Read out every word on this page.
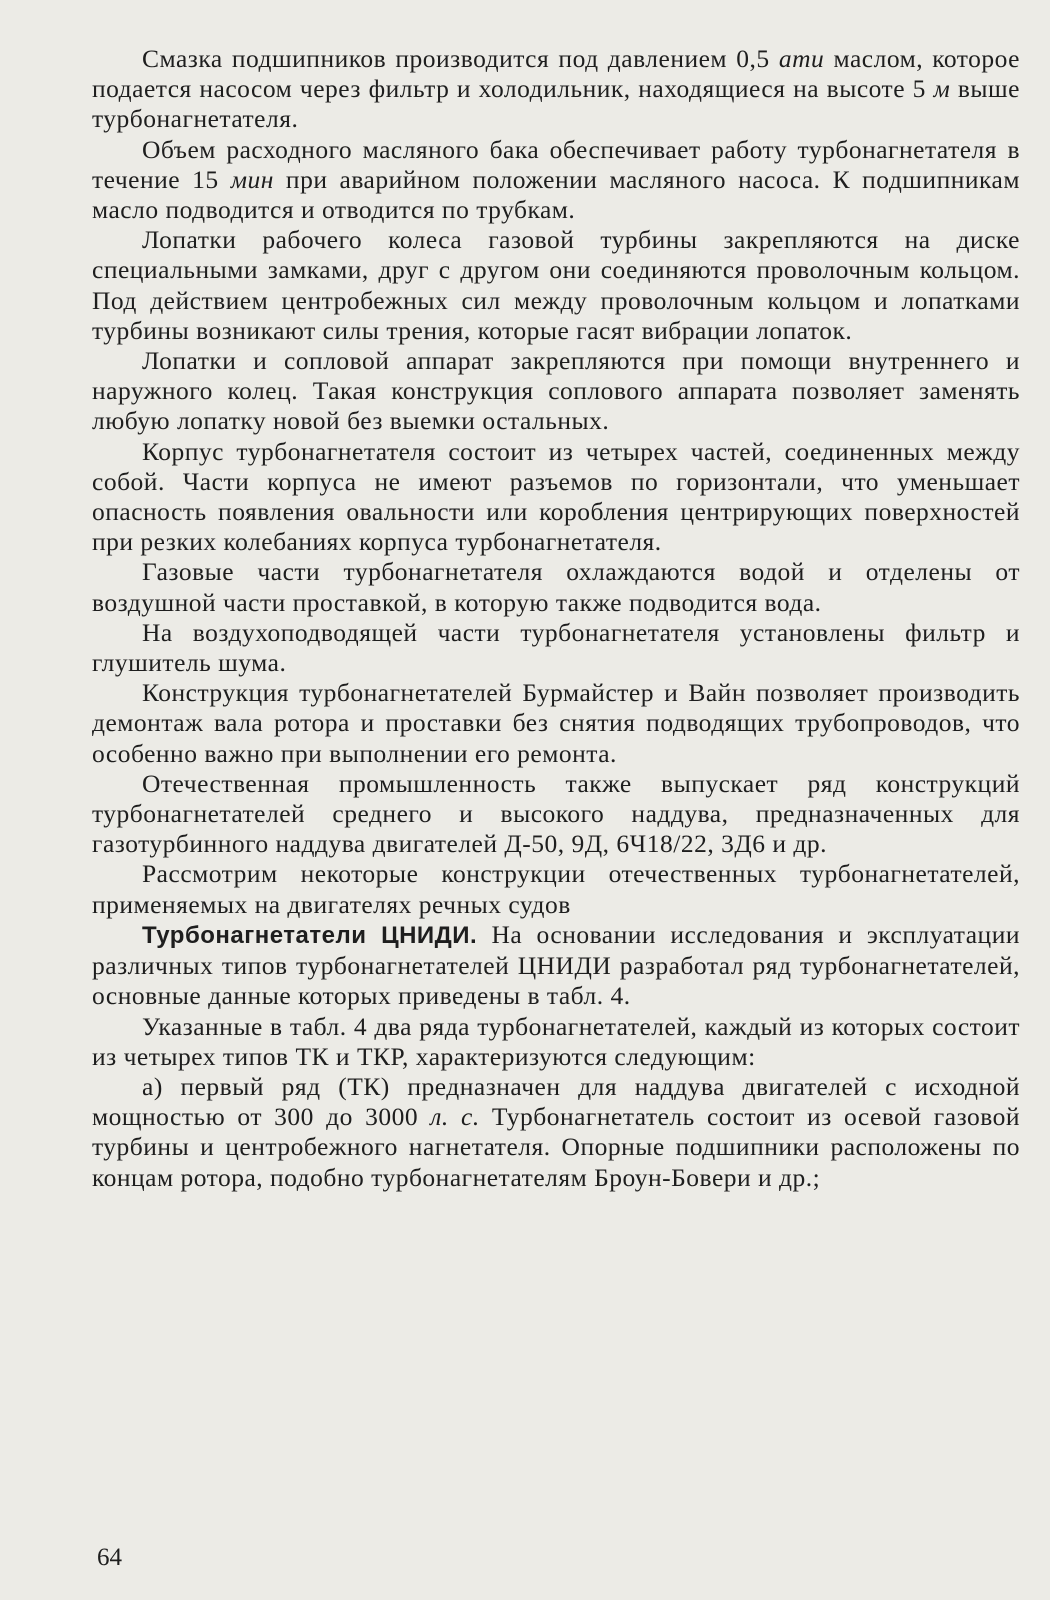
Смазка подшипников производится под давлением 0,5 ати маслом, которое подается насосом через фильтр и холодильник, находящиеся на высоте 5 м выше турбонагнетателя.

Объем расходного масляного бака обеспечивает работу турбонагнетателя в течение 15 мин при аварийном положении масляного насоса. К подшипникам масло подводится и отводится по трубкам.

Лопатки рабочего колеса газовой турбины закрепляются на диске специальными замками, друг с другом они соединяются проволочным кольцом. Под действием центробежных сил между проволочным кольцом и лопатками турбины возникают силы трения, которые гасят вибрации лопаток.

Лопатки и сопловой аппарат закрепляются при помощи внутреннего и наружного колец. Такая конструкция соплового аппарата позволяет заменять любую лопатку новой без выемки остальных.

Корпус турбонагнетателя состоит из четырех частей, соединенных между собой. Части корпуса не имеют разъемов по горизонтали, что уменьшает опасность появления овальности или коробления центрирующих поверхностей при резких колебаниях корпуса турбонагнетателя.

Газовые части турбонагнетателя охлаждаются водой и отделены от воздушной части проставкой, в которую также подводится вода.

На воздухоподводящей части турбонагнетателя установлены фильтр и глушитель шума.

Конструкция турбонагнетателей Бурмайстер и Вайн позволяет производить демонтаж вала ротора и проставки без снятия подводящих трубопроводов, что особенно важно при выполнении его ремонта.

Отечественная промышленность также выпускает ряд конструкций турбонагнетателей среднего и высокого наддува, предназначенных для газотурбинного наддува двигателей Д-50, 9Д, 6Ч18/22, 3Д6 и др.

Рассмотрим некоторые конструкции отечественных турбонагнетателей, применяемых на двигателях речных судов

Турбонагнетатели ЦНИДИ. На основании исследования и эксплуатации различных типов турбонагнетателей ЦНИДИ разработал ряд турбонагнетателей, основные данные которых приведены в табл. 4.

Указанные в табл. 4 два ряда турбонагнетателей, каждый из которых состоит из четырех типов ТК и ТКР, характеризуются следующим:

а) первый ряд (ТК) предназначен для наддува двигателей с исходной мощностью от 300 до 3000 л. с. Турбонагнетатель состоит из осевой газовой турбины и центробежного нагнетателя. Опорные подшипники расположены по концам ротора, подобно турбонагнетателям Броун-Бовери и др.;

64
